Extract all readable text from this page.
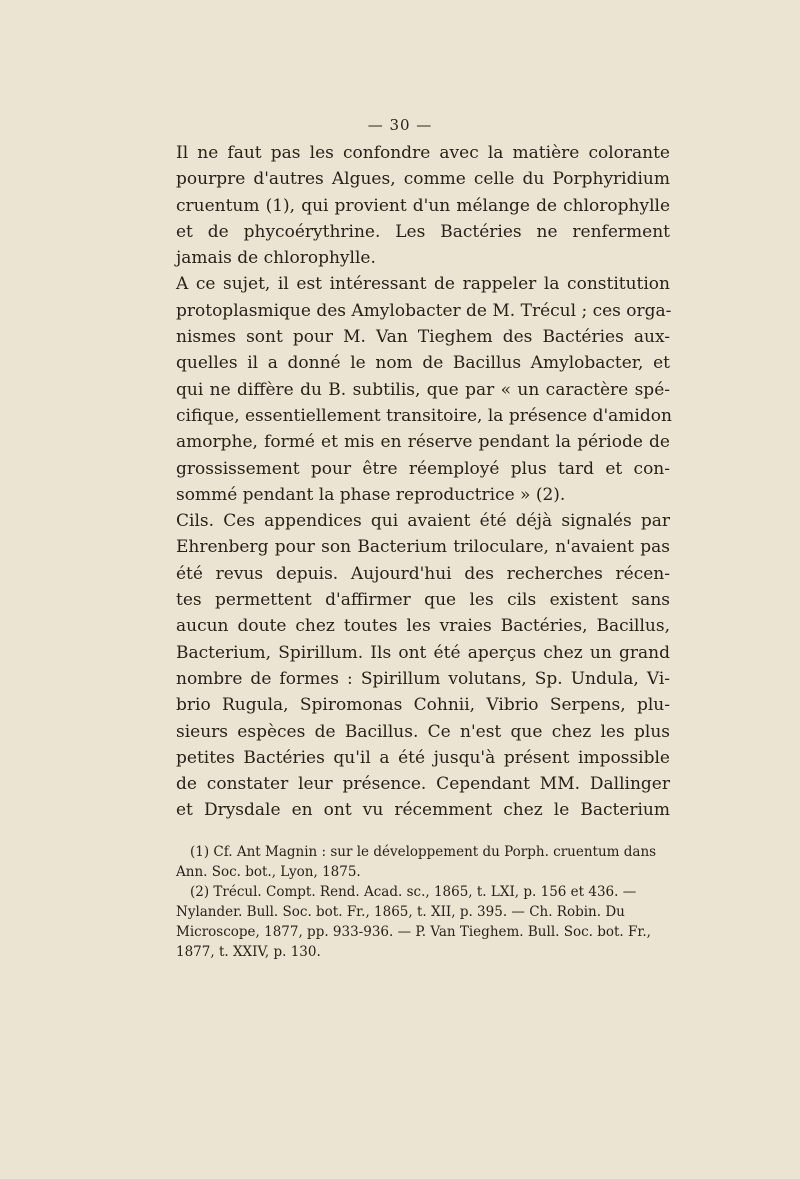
— 30 —
Il ne faut pas les confondre avec la matière colorante
pourpre d'autres Algues, comme celle du Porphyridium
cruentum (1), qui provient d'un mélange de chlorophylle
et de phycoérythrine. Les Bactéries ne renferment
jamais de chlorophylle.
A ce sujet, il est intéressant de rappeler la constitution
protoplasmique des Amylobacter de M. Trécul ; ces orga-
nismes sont pour M. Van Tieghem des Bactéries aux-
quelles il a donné le nom de Bacillus Amylobacter, et
qui ne diffère du B. subtilis, que par « un caractère spé-
cifique, essentiellement transitoire, la présence d'amidon
amorphe, formé et mis en réserve pendant la période de
grossissement pour être réemployé plus tard et con-
sommé pendant la phase reproductrice » (2).
Cils. Ces appendices qui avaient été déjà signalés par
Ehrenberg pour son Bacterium triloculare, n'avaient pas
été revus depuis. Aujourd'hui des recherches récen-
tes permettent d'affirmer que les cils existent sans
aucun doute chez toutes les vraies Bactéries, Bacillus,
Bacterium, Spirillum. Ils ont été aperçus chez un grand
nombre de formes : Spirillum volutans, Sp. Undula, Vi-
brio Rugula, Spiromonas Cohnii, Vibrio Serpens, plu-
sieurs espèces de Bacillus. Ce n'est que chez les plus
petites Bactéries qu'il a été jusqu'à présent impossible
de constater leur présence. Cependant MM. Dallinger
et Drysdale en ont vu récemment chez le Bacterium
(1) Cf. Ant Magnin : sur le développement du Porph. cruentum dans
Ann. Soc. bot., Lyon, 1875.
(2) Trécul. Compt. Rend. Acad. sc., 1865, t. LXI, p. 156 et 436. —
Nylander. Bull. Soc. bot. Fr., 1865, t. XII, p. 395. — Ch. Robin. Du
Microscope, 1877, pp. 933-936. — P. Van Tieghem. Bull. Soc. bot. Fr.,
1877, t. XXIV, p. 130.
